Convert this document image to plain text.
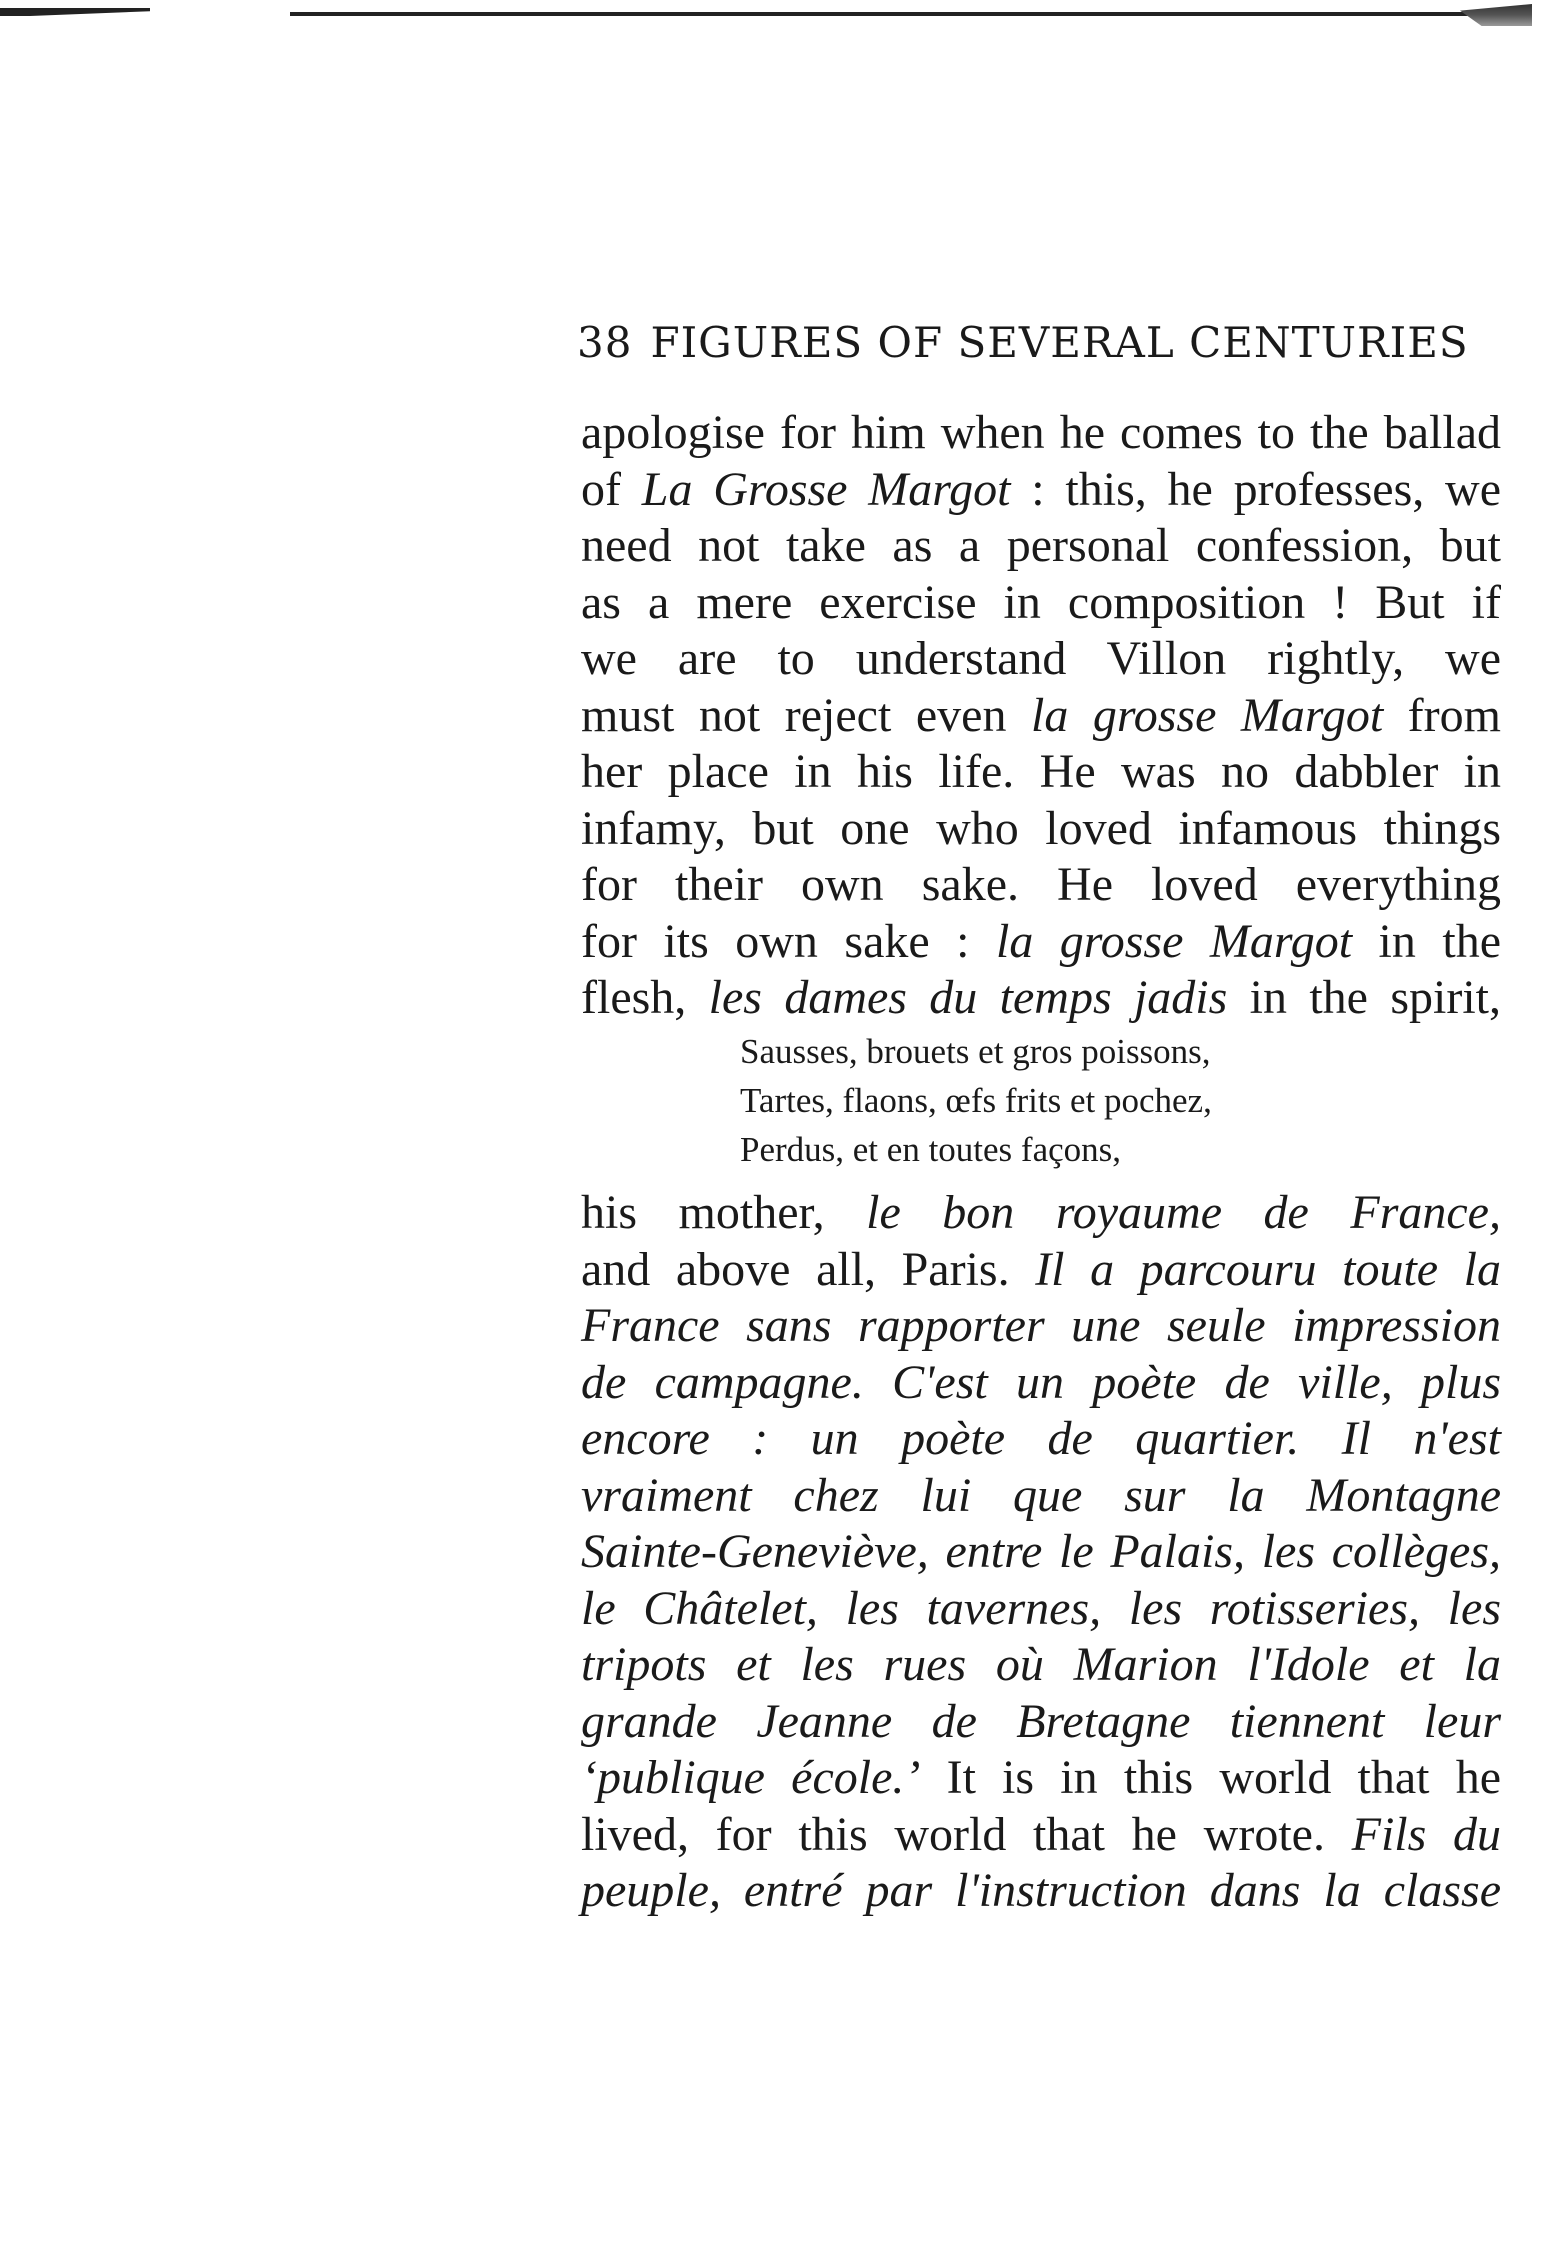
38 FIGURES OF SEVERAL CENTURIES
apologise for him when he comes to the ballad
of La Grosse Margot : this, he professes, we
need not take as a personal confession, but
as a mere exercise in composition ! But if
we are to understand Villon rightly, we
must not reject even la grosse Margot from
her place in his life. He was no dabbler in
infamy, but one who loved infamous things
for their own sake. He loved everything
for its own sake : la grosse Margot in the
flesh, les dames du temps jadis in the spirit,
Sausses, brouets et gros poissons,
Tartes, flaons, œfs frits et pochez,
Perdus, et en toutes façons,
his mother, le bon royaume de France,
and above all, Paris. Il a parcouru toute la
France sans rapporter une seule impression
de campagne. C'est un poète de ville, plus
encore : un poète de quartier. Il n'est
vraiment chez lui que sur la Montagne
Sainte-Geneviève, entre le Palais, les collèges,
le Châtelet, les tavernes, les rotisseries, les
tripots et les rues où Marion l'Idole et la
grande Jeanne de Bretagne tiennent leur
‘publique école.’ It is in this world that he
lived, for this world that he wrote. Fils du
peuple, entré par l'instruction dans la classe
